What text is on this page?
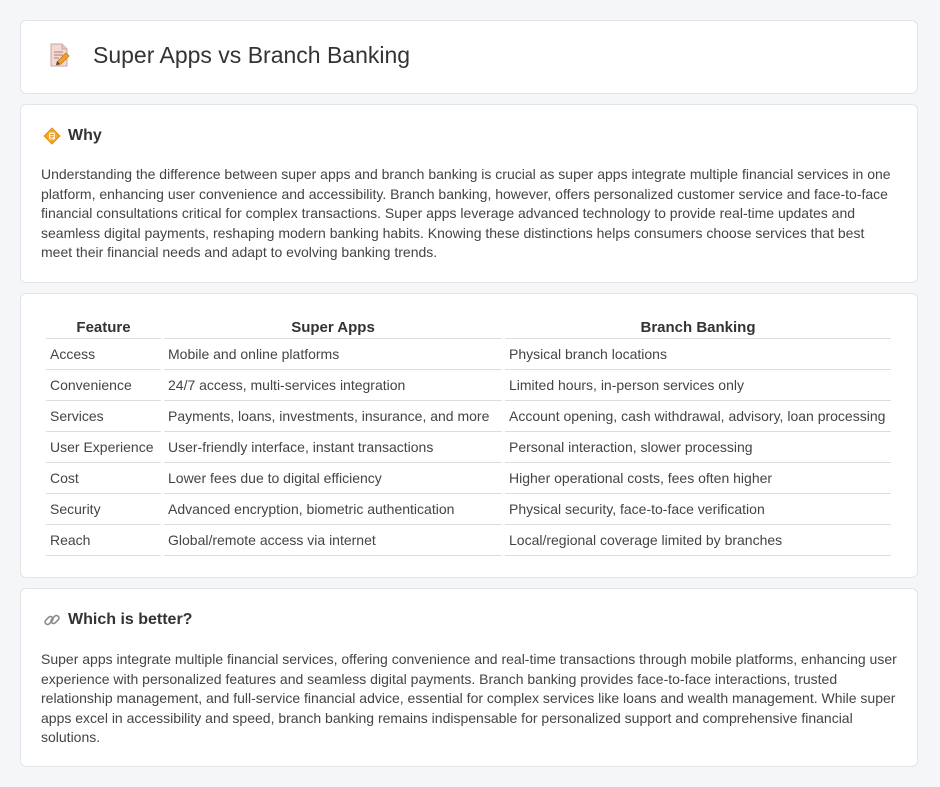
Super Apps vs Branch Banking
Why

Understanding the difference between super apps and branch banking is crucial as super apps integrate multiple financial services in one platform, enhancing user convenience and accessibility. Branch banking, however, offers personalized customer service and face-to-face financial consultations critical for complex transactions. Super apps leverage advanced technology to provide real-time updates and seamless digital payments, reshaping modern banking habits. Knowing these distinctions helps consumers choose services that best meet their financial needs and adapt to evolving banking trends.

Feature	Super Apps	Branch Banking
Access	Mobile and online platforms	Physical branch locations
Convenience	24/7 access, multi-services integration	Limited hours, in-person services only
Services	Payments, loans, investments, insurance, and more	Account opening, cash withdrawal, advisory, loan processing
User Experience	User-friendly interface, instant transactions	Personal interaction, slower processing
Cost	Lower fees due to digital efficiency	Higher operational costs, fees often higher
Security	Advanced encryption, biometric authentication	Physical security, face-to-face verification
Reach	Global/remote access via internet	Local/regional coverage limited by branches
Which is better?

Super apps integrate multiple financial services, offering convenience and real-time transactions through mobile platforms, enhancing user experience with personalized features and seamless digital payments. Branch banking provides face-to-face interactions, trusted relationship management, and full-service financial advice, essential for complex services like loans and wealth management. While super apps excel in accessibility and speed, branch banking remains indispensable for personalized support and comprehensive financial solutions.
